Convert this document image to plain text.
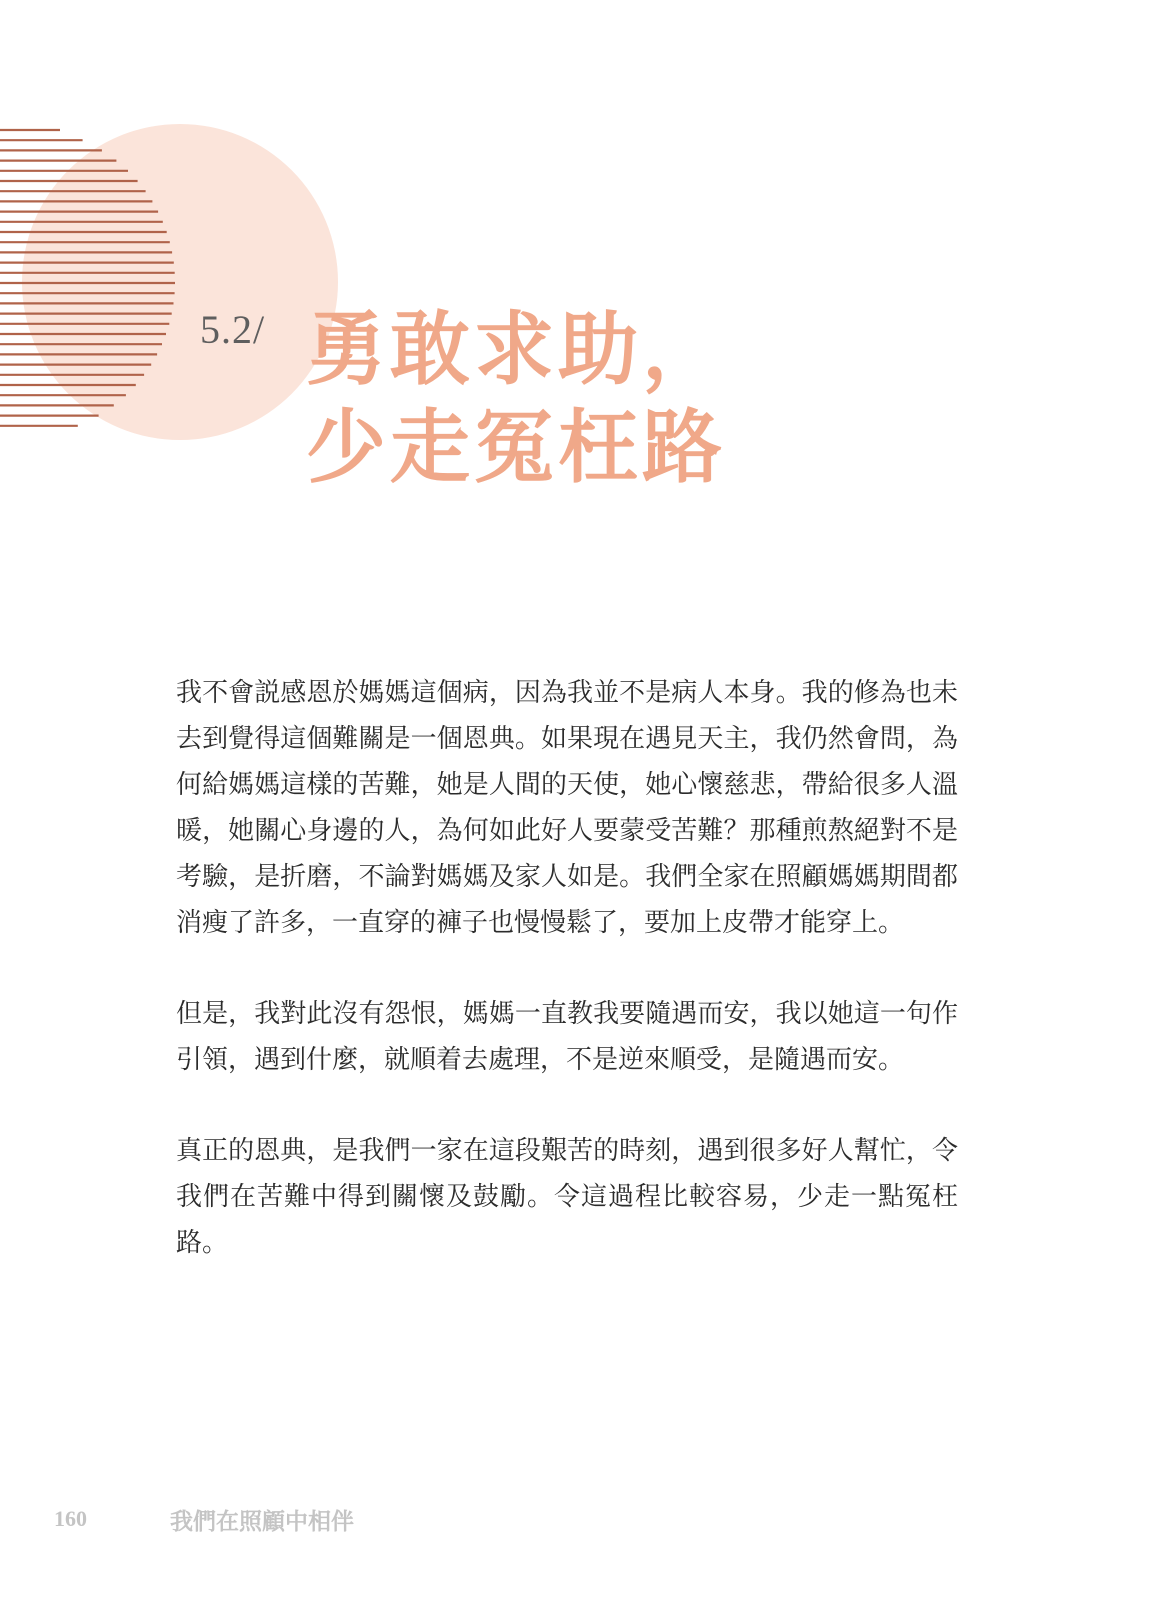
5.2/ 勇敢求助，
少走冤枉路

我不會説感恩於媽媽這個病，因為我並不是病人本身。我的修為也未去到覺得這個難關是一個恩典。如果現在遇見天主，我仍然會問，為何給媽媽這樣的苦難，她是人間的天使，她心懷慈悲，帶給很多人溫暖，她關心身邊的人，為何如此好人要蒙受苦難？那種煎熬絕對不是考驗，是折磨，不論對媽媽及家人如是。我們全家在照顧媽媽期間都消瘦了許多，一直穿的褲子也慢慢鬆了，要加上皮帶才能穿上。

但是，我對此沒有怨恨，媽媽一直教我要隨遇而安，我以她這一句作引領，遇到什麼，就順着去處理，不是逆來順受，是隨遇而安。

真正的恩典，是我們一家在這段艱苦的時刻，遇到很多好人幫忙，令我們在苦難中得到關懷及鼓勵。令這過程比較容易，少走一點冤枉路。

160	我們在照顧中相伴
